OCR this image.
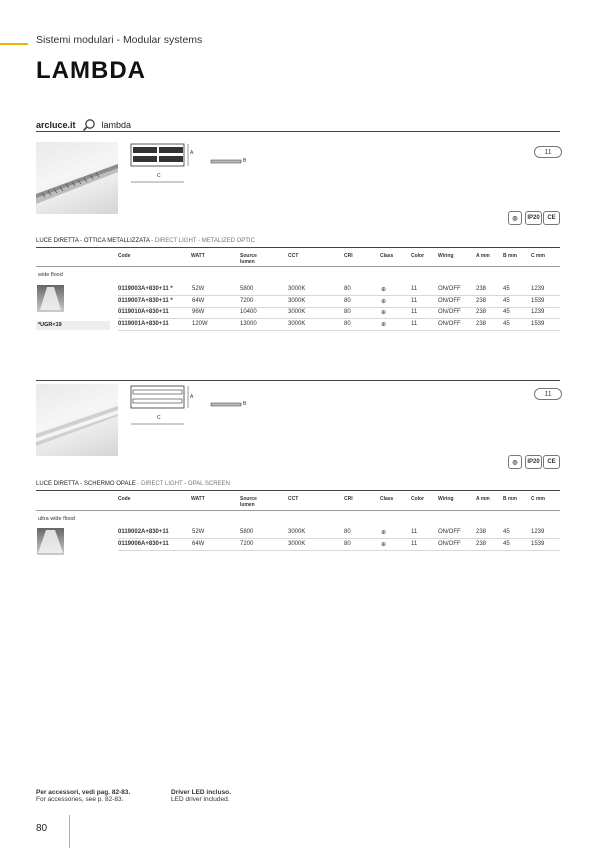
Sistemi modulari - Modular systems
LAMBDA
arcluce.it	lambda
A
C
B
11
◎	IP20	CE
LUCE DIRETTA - OTTICA METALLIZZATA - DIRECT LIGHT - METALIZED OPTIC
Code	WATT	Source
lumen
CCT	CRI	Class	Color	Wiring	A mm	B mm	C mm
wide flood
*UGR<19
0119003A+830+11 *	52W	5800	3000K	80	⊕	11	ON/OFF	238	45	1239
0119007A+830+11 *	64W	7200	3000K	80	⊕	11	ON/OFF	238	45	1539
0119010A+830+11	96W	10400	3000K	80	⊕	11	ON/OFF	238	45	1239
0119001A+830+11	120W	13000	3000K	80	⊕	11	ON/OFF	238	45	1539
A
C
B
11
◎	IP20	CE
LUCE DIRETTA - SCHERMO OPALE - DIRECT LIGHT - OPAL SCREEN
Code	WATT	Source
lumen
CCT	CRI	Class	Color	Wiring	A mm	B mm	C mm
ultra wide flood
0119002A+830+11	52W	5800	3000K	80	⊕	11	ON/OFF	238	45	1239
0119006A+830+11	64W	7200	3000K	80	⊕	11	ON/OFF	238	45	1539
Per accessori, vedi pag. 82-83.
For accessories, see p. 82-83.
Driver LED incluso.
LED driver included.
80
